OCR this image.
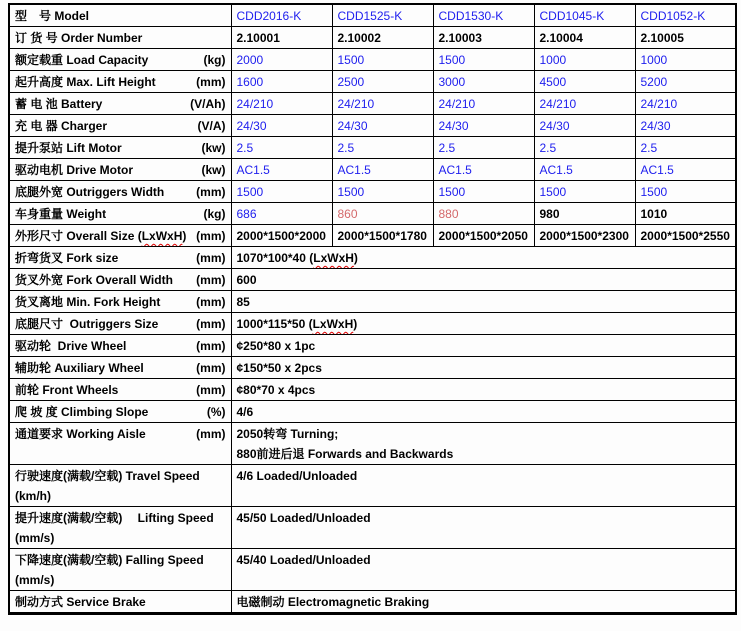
型　号 Model	CDD2016-K	CDD1525-K	CDD1530-K	CDD1045-K	CDD1052-K

订 货 号 Order Number	2.10001	2.10002	2.10003	2.10004	2.10005

额定载重 Load Capacity (kg)	2000	1500	1500	1000	1000

起升高度 Max. Lift Height (mm)	1600	2500	3000	4500	5200

蓄 电 池 Battery (V/Ah)	24/210	24/210	24/210	24/210	24/210

充 电 器 Charger (V/A)	24/30	24/30	24/30	24/30	24/30

提升泵站 Lift Motor (kw)	2.5	2.5	2.5	2.5	2.5

驱动电机 Drive Motor (kw)	AC1.5	AC1.5	AC1.5	AC1.5	AC1.5

底腿外宽 Outriggers Width (mm)	1500	1500	1500	1500	1500

车身重量 Weight (kg)	686	860	880	980	1010

外形尺寸 Overall Size (LxWxH) (mm)	2000*1500*2000	2000*1500*1780	2000*1500*2050	2000*1500*2300	2000*1500*2550

折弯货叉 Fork size (mm)	1070*100*40 (LxWxH)				

货叉外宽 Fork Overall Width (mm)	600				

货叉离地 Min. Fork Height (mm)	85				

底腿尺寸  Outriggers Size (mm)	1000*115*50 (LxWxH)				

驱动轮  Drive Wheel (mm)	¢250*80 x 1pc				

辅助轮 Auxiliary Wheel (mm)	¢150*50 x 2pcs				

前轮 Front Wheels (mm)	¢80*70 x 4pcs				

爬 坡 度 Climbing Slope (%)	4/6				

通道要求 Working Aisle	(mm)	2050转弯 Turning;
880前进后退 Forwards and Backwards

行驶速度(满载/空载) Travel Speed
(km/h)	4/6 Loaded/Unloaded				

提升速度(满载/空载)　 Lifting Speed
(mm/s)	45/50 Loaded/Unloaded				

下降速度(满载/空载) Falling Speed
(mm/s)	45/40 Loaded/Unloaded				

制动方式 Service Brake	电磁制动 Electromagnetic Braking				
